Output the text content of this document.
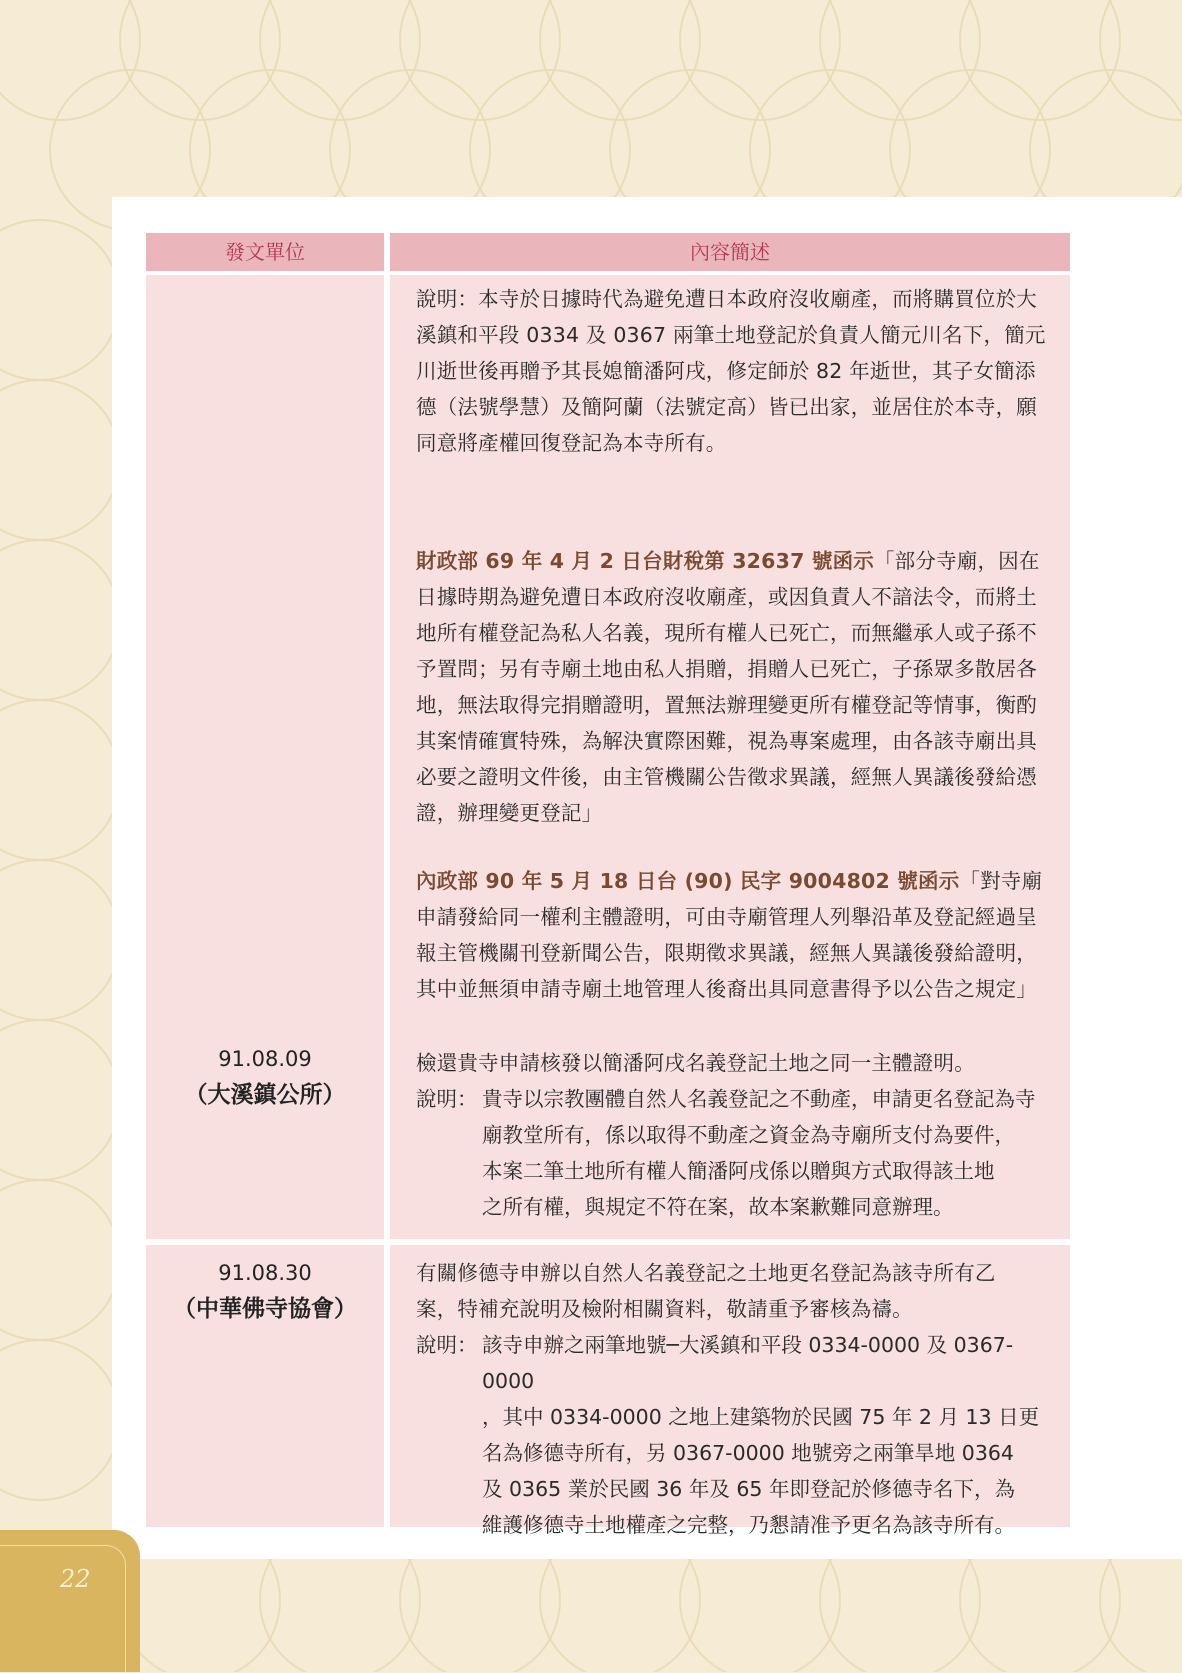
22
發文單位	內容簡述
91.08.09
（大溪鎮公所）
說明：本寺於日據時代為避免遭日本政府沒收廟產，而將購買位於大溪鎮和平段 0334 及 0367 兩筆土地登記於負責人簡元川名下，簡元川逝世後再贈予其長媳簡潘阿戌，修定師於 82 年逝世，其子女簡添德（法號學慧）及簡阿蘭（法號定高）皆已出家，並居住於本寺，願同意將產權回復登記為本寺所有。
財政部 69 年 4 月 2 日台財稅第 32637 號函示「部分寺廟，因在日據時期為避免遭日本政府沒收廟產，或因負責人不諳法令，而將土地所有權登記為私人名義，現所有權人已死亡，而無繼承人或子孫不予置問；另有寺廟土地由私人捐贈，捐贈人已死亡，子孫眾多散居各地，無法取得完捐贈證明，置無法辦理變更所有權登記等情事，衡酌其案情確實特殊，為解決實際困難，視為專案處理，由各該寺廟出具必要之證明文件後，由主管機關公告徵求異議，經無人異議後發給憑證，辦理變更登記」
內政部 90 年 5 月 18 日台 (90) 民字 9004802 號函示「對寺廟申請發給同一權利主體證明，可由寺廟管理人列舉沿革及登記經過呈報主管機關刊登新聞公告，限期徵求異議，經無人異議後發給證明，其中並無須申請寺廟土地管理人後裔出具同意書得予以公告之規定」
檢還貴寺申請核發以簡潘阿戌名義登記土地之同一主體證明。
說明： 貴寺以宗教團體自然人名義登記之不動產，申請更名登記為寺
廟教堂所有，係以取得不動產之資金為寺廟所支付為要件，
本案二筆土地所有權人簡潘阿戌係以贈與方式取得該土地
之所有權，與規定不符在案，故本案歉難同意辦理。
91.08.30
（中華佛寺協會）
有關修德寺申辦以自然人名義登記之土地更名登記為該寺所有乙
案，特補充說明及檢附相關資料，敬請重予審核為禱。
說明： 該寺申辦之兩筆地號─大溪鎮和平段 0334-0000 及 0367-0000
，其中 0334-0000 之地上建築物於民國 75 年 2 月 13 日更
名為修德寺所有，另 0367-0000 地號旁之兩筆旱地 0364
及 0365 業於民國 36 年及 65 年即登記於修德寺名下，為
維護修德寺土地權產之完整，乃懇請准予更名為該寺所有。
